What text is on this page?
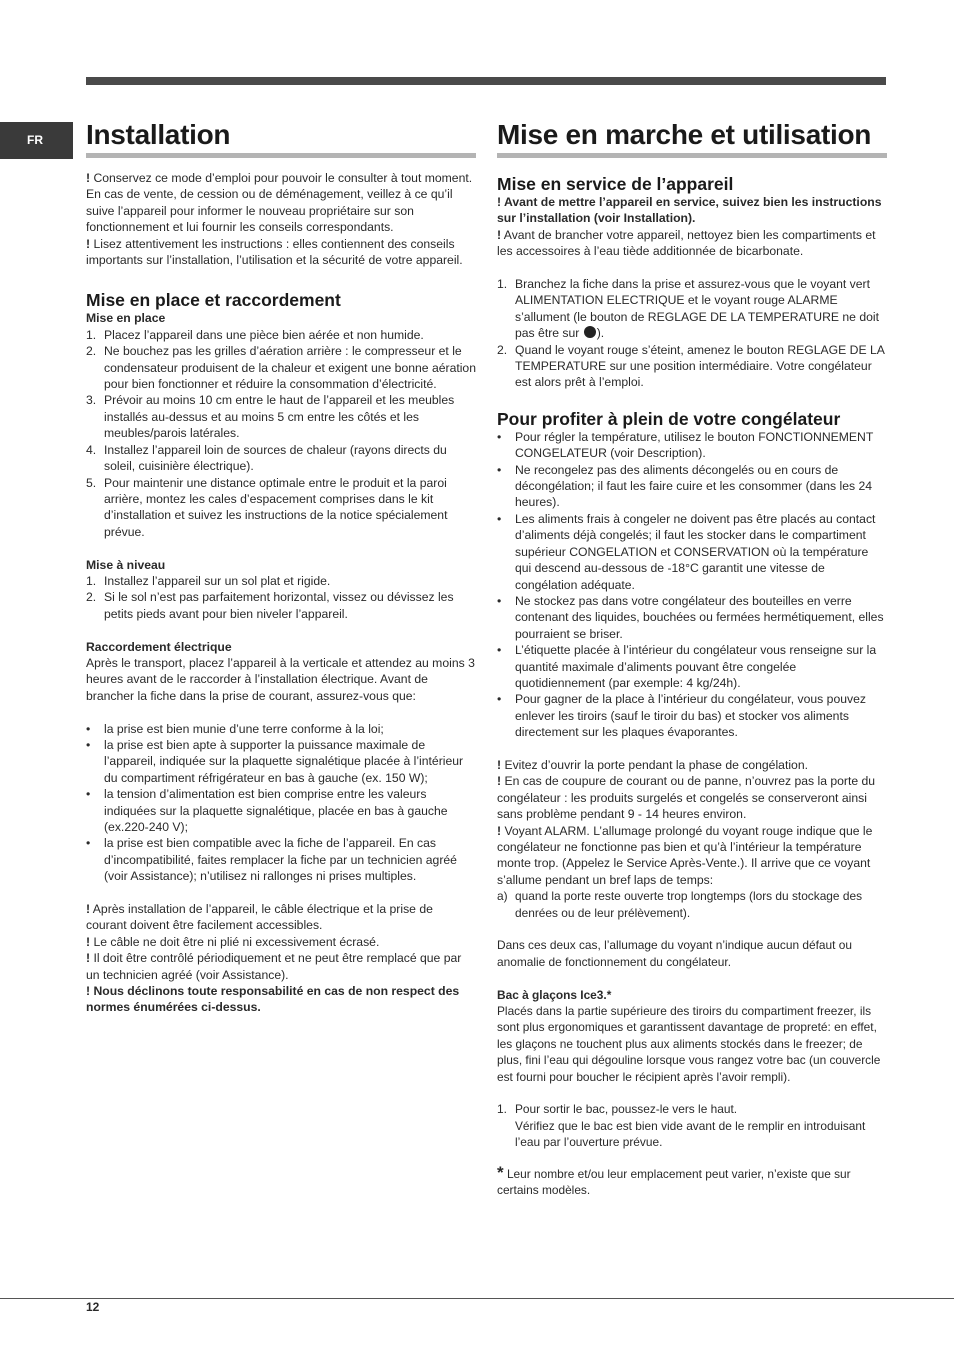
FR	Installation

! Conservez ce mode d’emploi pour pouvoir le consulter à tout moment. En cas de vente, de cession ou de déménagement, veillez à ce qu’il suive l’appareil pour informer le nouveau propriétaire sur son fonctionnement et lui fournir les conseils correspondants.

! Lisez attentivement les instructions : elles contiennent des conseils importants sur l’installation, l’utilisation et la sécurité de votre appareil.

Mise en place et raccordement
Mise en place
1. Placez l’appareil dans une pièce bien aérée et non humide.
2. Ne bouchez pas les grilles d’aération arrière : le compresseur et le condensateur produisent de la chaleur et exigent une bonne aération pour bien fonctionner et réduire la consommation d’électricité.
3. Prévoir au moins 10 cm entre le haut de l’appareil et les meubles installés au-dessus et au moins 5 cm entre les côtés et les meubles/parois latérales.
4. Installez l’appareil loin de sources de chaleur (rayons directs du soleil, cuisinière électrique).
5. Pour maintenir une distance optimale entre le produit et la paroi arrière, montez les cales d’espacement comprises dans le kit d’installation et suivez les instructions de la notice spécialement prévue.
Mise à niveau
1. Installez l’appareil sur un sol plat et rigide.
2. Si le sol n’est pas parfaitement horizontal, vissez ou dévissez les petits pieds avant pour bien niveler l’appareil.
Raccordement électrique

Après le transport, placez l’appareil à la verticale et attendez au moins 3 heures avant de le raccorder à l’installation électrique. Avant de brancher la fiche dans la prise de courant, assurez-vous que:

• la prise est bien munie d’une terre conforme à la loi;
• la prise est bien apte à supporter la puissance maximale de l’appareil, indiquée sur la plaquette signalétique placée à l’intérieur du compartiment réfrigérateur en bas à gauche (ex. 150 W);
• la tension d’alimentation est bien comprise entre les valeurs indiquées sur la plaquette signalétique, placée en bas à gauche (ex.220-240 V);
• la prise est bien compatible avec la fiche de l’appareil. En cas d’incompatibilité, faites remplacer la fiche par un technicien agréé (voir Assistance); n’utilisez ni rallonges ni prises multiples.

! Après installation de l’appareil, le câble électrique et la prise de courant doivent être facilement accessibles.

! Le câble ne doit être ni plié ni excessivement écrasé.

! Il doit être contrôlé périodiquement et ne peut être remplacé que par un technicien agréé (voir Assistance).

! Nous déclinons toute responsabilité en cas de non respect des normes énumérées ci-dessus.

Mise en marche et utilisation
Mise en service de l’appareil

! Avant de mettre l’appareil en service, suivez bien les instructions sur l’installation (voir Installation).

! Avant de brancher votre appareil, nettoyez bien les compartiments et les accessoires à l’eau tiède additionnée de bicarbonate.

1. Branchez la fiche dans la prise et assurez-vous que le voyant vert ALIMENTATION ELECTRIQUE et le voyant rouge ALARME s’allument (le bouton de REGLAGE DE LA TEMPERATURE ne doit pas être sur ).
2. Quand le voyant rouge s’éteint, amenez le bouton REGLAGE DE LA TEMPERATURE sur une position intermédiaire. Votre congélateur est alors prêt à l’emploi.
Pour profiter à plein de votre congélateur
• Pour régler la température, utilisez le bouton FONCTIONNEMENT CONGELATEUR (voir Description).
• Ne recongelez pas des aliments décongelés ou en cours de décongélation; il faut les faire cuire et les consommer (dans les 24 heures).
• Les aliments frais à congeler ne doivent pas être placés au contact d’aliments déjà congelés; il faut les stocker dans le compartiment supérieur CONGELATION et CONSERVATION où la température qui descend au-dessous de -18°C garantit une vitesse de congélation adéquate.
• Ne stockez pas dans votre congélateur des bouteilles en verre contenant des liquides, bouchées ou fermées hermétiquement, elles pourraient se briser.
• L’étiquette placée à l’intérieur du congélateur vous renseigne sur la quantité maximale d’aliments pouvant être congelée quotidiennement (par exemple: 4 kg/24h).
• Pour gagner de la place à l’intérieur du congélateur, vous pouvez enlever les tiroirs (sauf le tiroir du bas) et stocker vos aliments directement sur les plaques évaporantes.

! Evitez d’ouvrir la porte pendant la phase de congélation.

! En cas de coupure de courant ou de panne, n’ouvrez pas la porte du congélateur : les produits surgelés et congelés se conserveront ainsi sans problème pendant 9 - 14 heures environ.

! Voyant ALARM. L’allumage prolongé du voyant rouge indique que le congélateur ne fonctionne pas bien et qu’à l’intérieur la température monte trop. (Appelez le Service Après-Vente.). Il arrive que ce voyant s’allume pendant un bref laps de temps:

a) quand la porte reste ouverte trop longtemps (lors du stockage des denrées ou de leur prélèvement).

Dans ces deux cas, l’allumage du voyant n’indique aucun défaut ou anomalie de fonctionnement du congélateur.

Bac à glaçons Ice3.*

Placés dans la partie supérieure des tiroirs du compartiment freezer, ils sont plus ergonomiques et garantissent davantage de propreté: en effet, les glaçons ne touchent plus aux aliments stockés dans le freezer; de plus, fini l’eau qui dégouline lorsque vous rangez votre bac (un couvercle est fourni pour boucher le récipient après l’avoir rempli).

1. Pour sortir le bac, poussez-le vers le haut.
Vérifiez que le bac est bien vide avant de le remplir en introduisant l’eau par l’ouverture prévue.

* Leur nombre et/ou leur emplacement peut varier, n’existe que sur certains modèles.

12
